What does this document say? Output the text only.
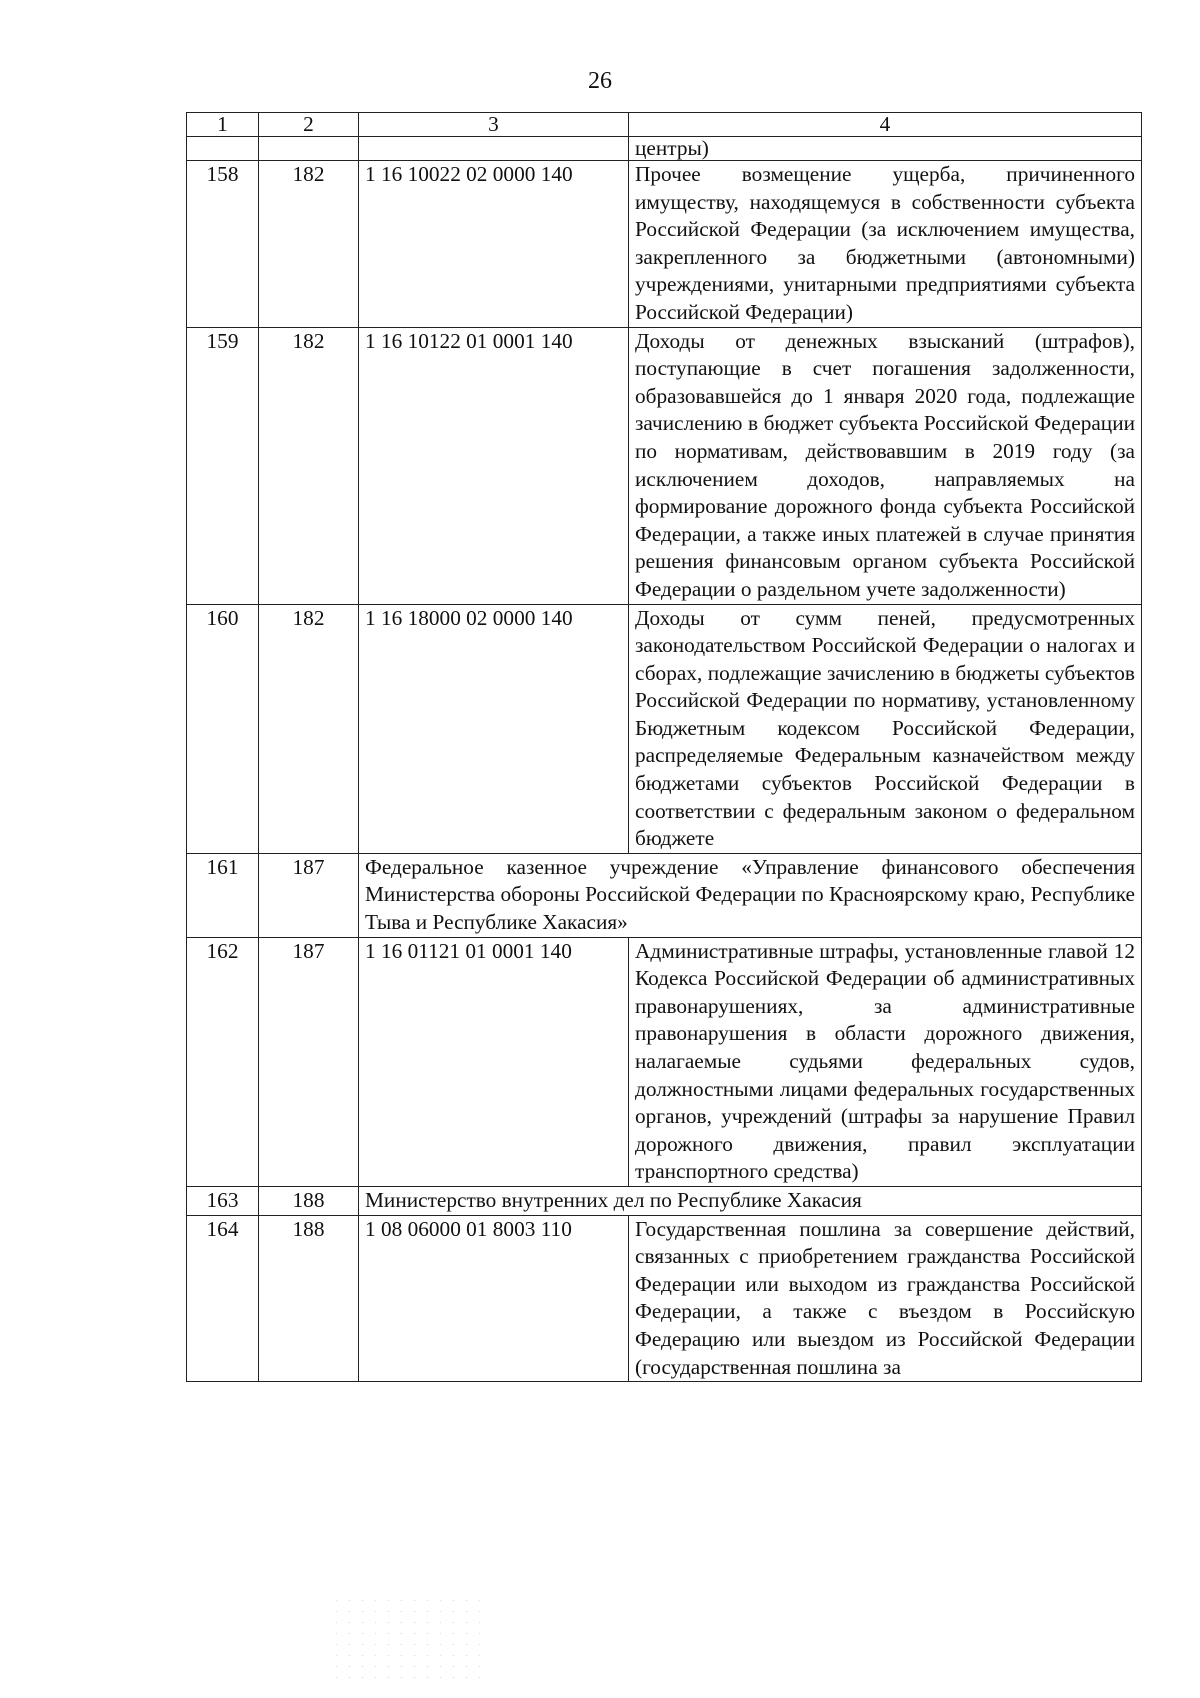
26
1	2	3	4
			центры)
158	182	1 16 10022 02 0000 140	Прочее возмещение ущерба, причиненного имуществу, находящемуся в собственности субъекта Российской Федерации (за исключением имущества, закрепленного за бюджетными (автономными) учреждениями, унитарными предприятиями субъекта Российской Федерации)
159	182	1 16 10122 01 0001 140	Доходы от денежных взысканий (штрафов), поступающие в счет погашения задолженности, образовавшейся до 1 января 2020 года, подлежащие зачислению в бюджет субъекта Российской Федерации по нормативам, действовавшим в 2019 году (за исключением доходов, направляемых на формирование дорожного фонда субъекта Российской Федерации, а также иных платежей в случае принятия решения финансовым органом субъекта Российской Федерации о раздельном учете задолженности)
160	182	1 16 18000 02 0000 140	Доходы от сумм пеней, предусмотренных законодательством Российской Федерации о налогах и сборах, подлежащие зачислению в бюджеты субъектов Российской Федерации по нормативу, установленному Бюджетным кодексом Российской Федерации, распределяемые Федеральным казначейством между бюджетами субъектов Российской Федерации в соответствии с федеральным законом о федеральном бюджете
161	187	Федеральное казенное учреждение «Управление финансового обеспечения Министерства обороны Российской Федерации по Красноярскому краю, Республике Тыва и Республике Хакасия»	
162	187	1 16 01121 01 0001 140	Административные штрафы, установленные главой 12 Кодекса Российской Федерации об административных правонарушениях, за административные правонарушения в области дорожного движения, налагаемые судьями федеральных судов, должностными лицами федеральных государственных органов, учреждений (штрафы за нарушение Правил дорожного движения, правил эксплуатации транспортного средства)
163	188	Министерство внутренних дел по Республике Хакасия	
164	188	1 08 06000 01 8003 110	Государственная пошлина за совершение действий, связанных с приобретением гражданства Российской Федерации или выходом из гражданства Российской Федерации, а также с въездом в Российскую Федерацию или выездом из Российской Федерации (государственная пошлина за
